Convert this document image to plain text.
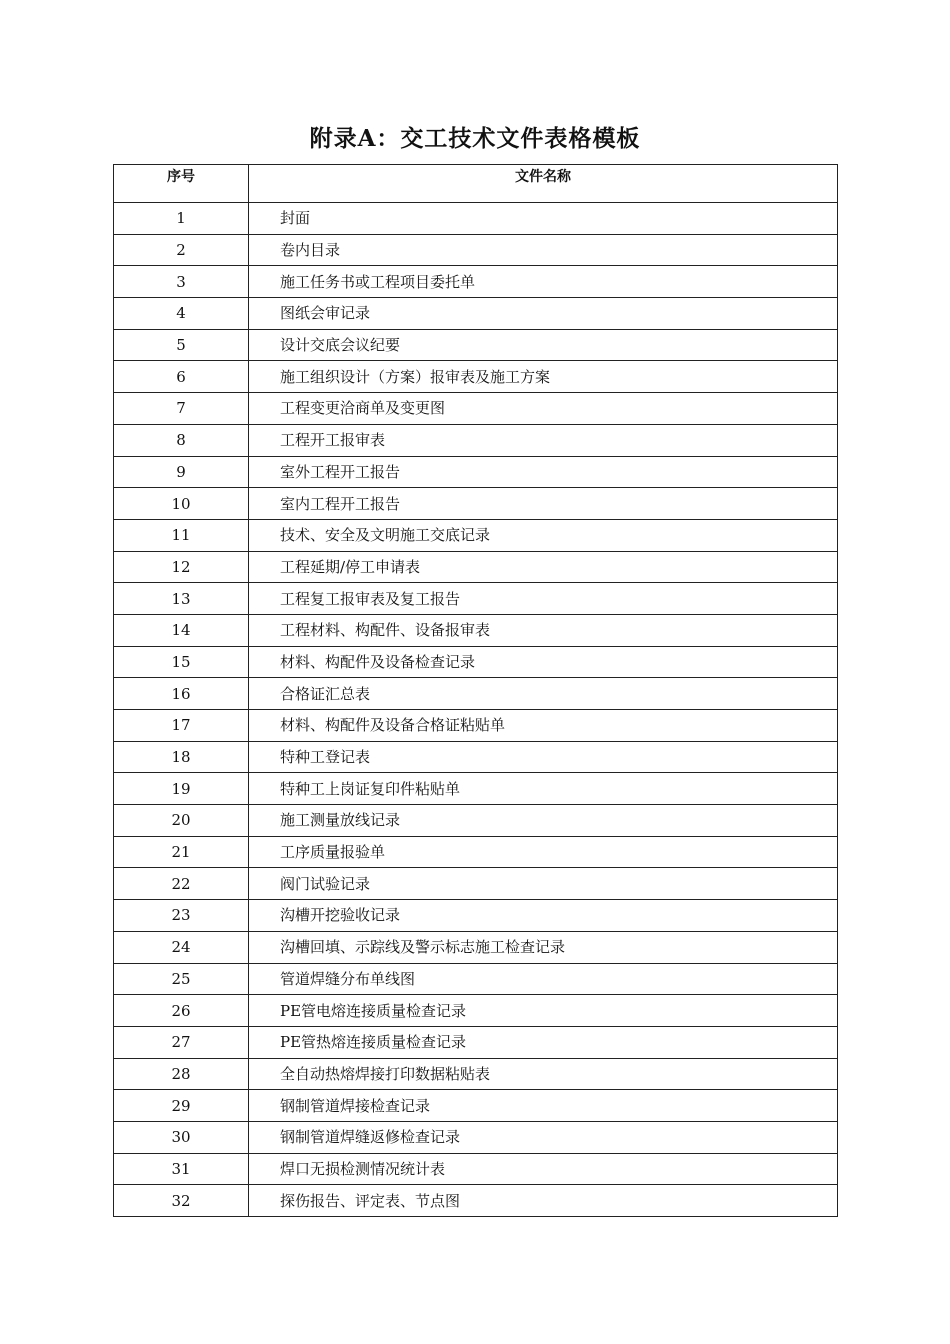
附录A：交工技术文件表格模板
序号	文件名称
1	封面
2	卷内目录
3	施工任务书或工程项目委托单
4	图纸会审记录
5	设计交底会议纪要
6	施工组织设计（方案）报审表及施工方案
7	工程变更洽商单及变更图
8	工程开工报审表
9	室外工程开工报告
10	室内工程开工报告
11	技术、安全及文明施工交底记录
12	工程延期/停工申请表
13	工程复工报审表及复工报告
14	工程材料、构配件、设备报审表
15	材料、构配件及设备检查记录
16	合格证汇总表
17	材料、构配件及设备合格证粘贴单
18	特种工登记表
19	特种工上岗证复印件粘贴单
20	施工测量放线记录
21	工序质量报验单
22	阀门试验记录
23	沟槽开挖验收记录
24	沟槽回填、示踪线及警示标志施工检查记录
25	管道焊缝分布单线图
26	PE管电熔连接质量检查记录
27	PE管热熔连接质量检查记录
28	全自动热熔焊接打印数据粘贴表
29	钢制管道焊接检查记录
30	钢制管道焊缝返修检查记录
31	焊口无损检测情况统计表
32	探伤报告、评定表、节点图
